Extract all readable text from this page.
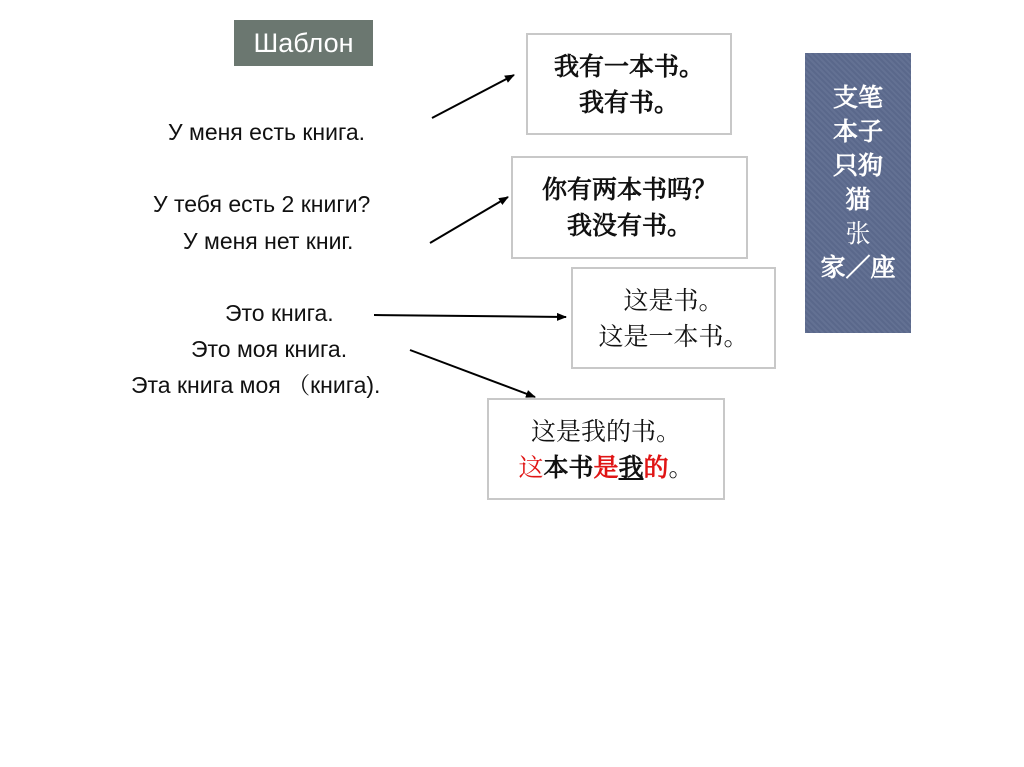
Шаблон
У меня есть книга.
У тебя есть 2 книги?
У меня нет книг.
Это книга.
Это моя книга.
Эта книга моя （книга).
我有一本书。
我有书。
你有两本书吗？
我没有书。
这是书。
这是一本书。
这是我的书。
这本书是我的。
支笔
本子
只狗
猫
张
家／座
